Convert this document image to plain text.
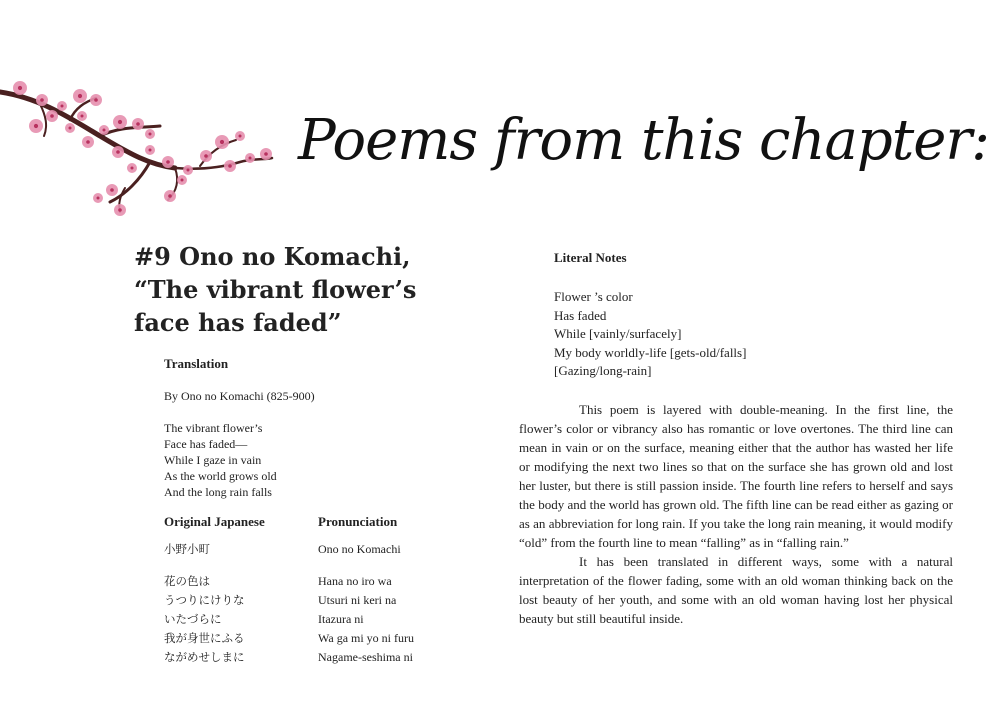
Poems from this chapter:
#9 Ono no Komachi, “The vibrant flower’s face has faded”
Translation
By Ono no Komachi (825-900)
The vibrant flower’s
Face has faded—
While I gaze in vain
As the world grows old
And the long rain falls
Original Japanese	Pronunciation
小野小町	Ono no Komachi
花の色は
うつりにけりな
いたづらに
我が身世にふる
ながめせしまに
Hana no iro wa
Utsuri ni keri na
Itazura ni
Wa ga mi yo ni furu
Nagame-seshima ni
Literal Notes
Flower ’s color
Has faded
While [vainly/surfacely]
My body worldly-life [gets-old/falls]
[Gazing/long-rain]

This poem is layered with double-meaning. In the first line, the flower’s color or vibrancy also has romantic or love overtones. The third line can mean in vain or on the surface, meaning either that the author has wasted her life or modifying the next two lines so that on the surface she has grown old and lost her luster, but there is still passion inside. The fourth line refers to herself and says the body and the world has grown old. The fifth line can be read either as gazing or as an abbreviation for long rain. If you take the long rain meaning, it would modify “old” from the fourth line to mean “falling” as in “falling rain.”

It has been translated in different ways, some with a natural interpretation of the flower fading, some with an old woman thinking back on the lost beauty of her youth, and some with an old woman having lost her physical beauty but still beautiful inside.
